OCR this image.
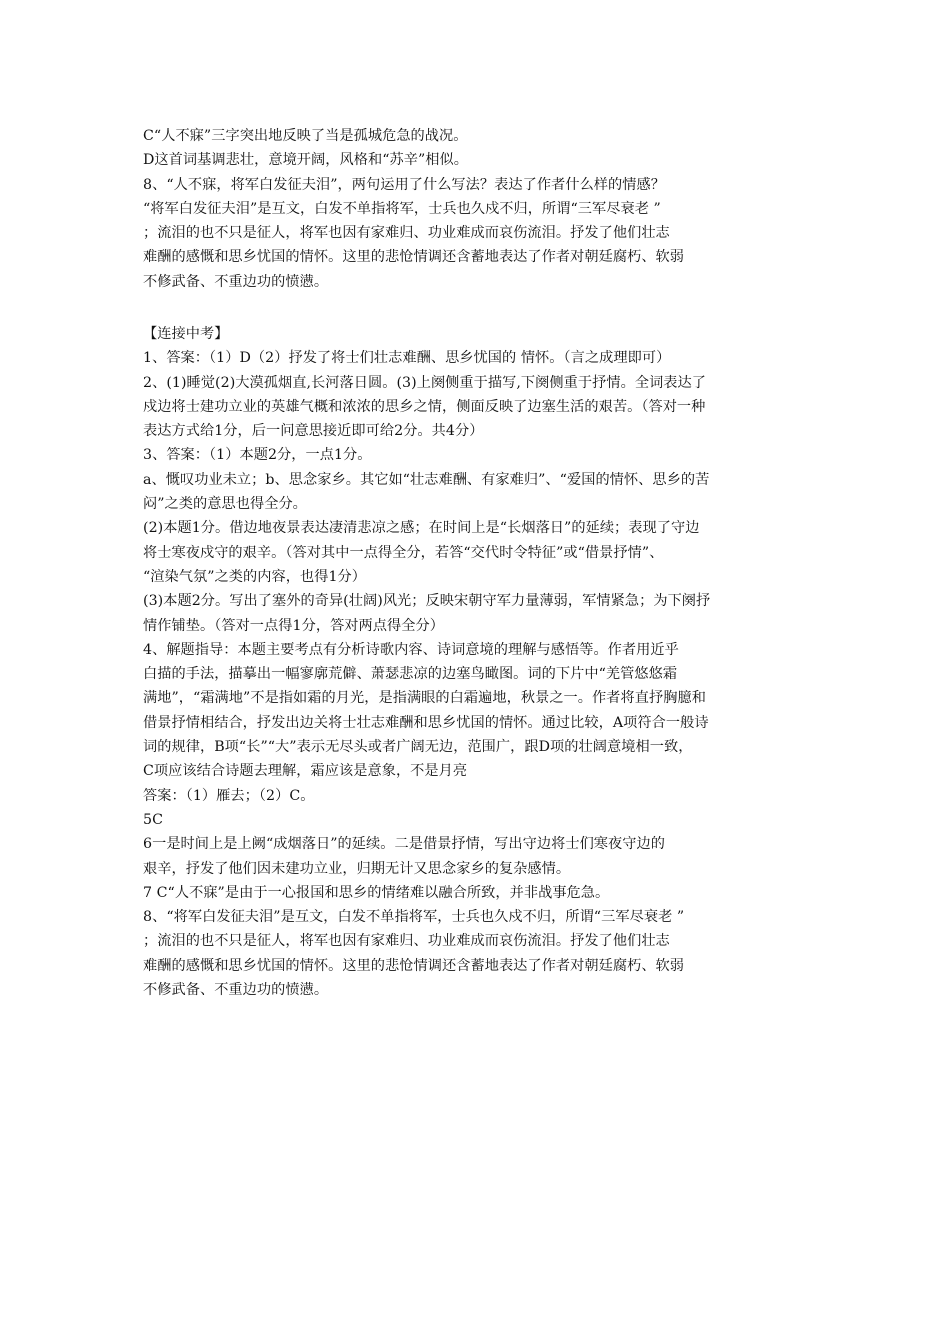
C“人不寐”三字突出地反映了当是孤城危急的战况。

D这首词基调悲壮，意境开阔，风格和“苏辛”相似。

8、“人不寐，将军白发征夫泪”，两句运用了什么写法？表达了作者什么样的情感？

“将军白发征夫泪”是互文，白发不单指将军，士兵也久戍不归，所谓“三军尽衰老 ”

；流泪的也不只是征人，将军也因有家难归、功业难成而哀伤流泪。抒发了他们壮志

难酬的感慨和思乡忧国的情怀。这里的悲怆情调还含蓄地表达了作者对朝廷腐朽、软弱

不修武备、不重边功的愤懑。

【连接中考】

1、答案：（1）D（2）抒发了将士们壮志难酬、思乡忧国的 情怀。（言之成理即可）

2、(1)睡觉(2)大漠孤烟直,长河落日圆。(3)上阕侧重于描写,下阕侧重于抒情。全词表达了

戍边将士建功立业的英雄气概和浓浓的思乡之情，侧面反映了边塞生活的艰苦。（答对一种

表达方式给1分，后一问意思接近即可给2分。共4分）

3、答案：（1）本题2分，一点1分。

a、慨叹功业未立；b、思念家乡。其它如“壮志难酬、有家难归”、“爱国的情怀、思乡的苦

闷”之类的意思也得全分。

(2)本题1分。借边地夜景表达凄清悲凉之感；在时间上是“长烟落日”的延续；表现了守边

将士寒夜戍守的艰辛。（答对其中一点得全分，若答“交代时令特征”或“借景抒情”、

“渲染气氛”之类的内容，也得1分）

(3)本题2分。写出了塞外的奇异(壮阔)风光；反映宋朝守军力量薄弱，军情紧急；为下阕抒

情作铺垫。（答对一点得1分，答对两点得全分）

4、解题指导：本题主要考点有分析诗歌内容、诗词意境的理解与感悟等。作者用近乎

白描的手法，描摹出一幅寥廓荒僻、萧瑟悲凉的边塞鸟瞰图。词的下片中“羌管悠悠霜

满地”，“霜满地”不是指如霜的月光，是指满眼的白霜遍地，秋景之一。作者将直抒胸臆和

借景抒情相结合，抒发出边关将士壮志难酬和思乡忧国的情怀。通过比较，A项符合一般诗

词的规律，B项“长”“大”表示无尽头或者广阔无边，范围广，跟D项的壮阔意境相一致，

C项应该结合诗题去理解，霜应该是意象，不是月亮

答案：（1）雁去；（2）C。

5C

6一是时间上是上阙“成烟落日”的延续。二是借景抒情，写出守边将士们寒夜守边的

艰辛，抒发了他们因未建功立业，归期无计又思念家乡的复杂感情。

7 C“人不寐”是由于一心报国和思乡的情绪难以融合所致，并非战事危急。

8、“将军白发征夫泪”是互文，白发不单指将军，士兵也久戍不归，所谓“三军尽衰老 ”

；流泪的也不只是征人，将军也因有家难归、功业难成而哀伤流泪。抒发了他们壮志

难酬的感慨和思乡忧国的情怀。这里的悲怆情调还含蓄地表达了作者对朝廷腐朽、软弱

不修武备、不重边功的愤懑。
